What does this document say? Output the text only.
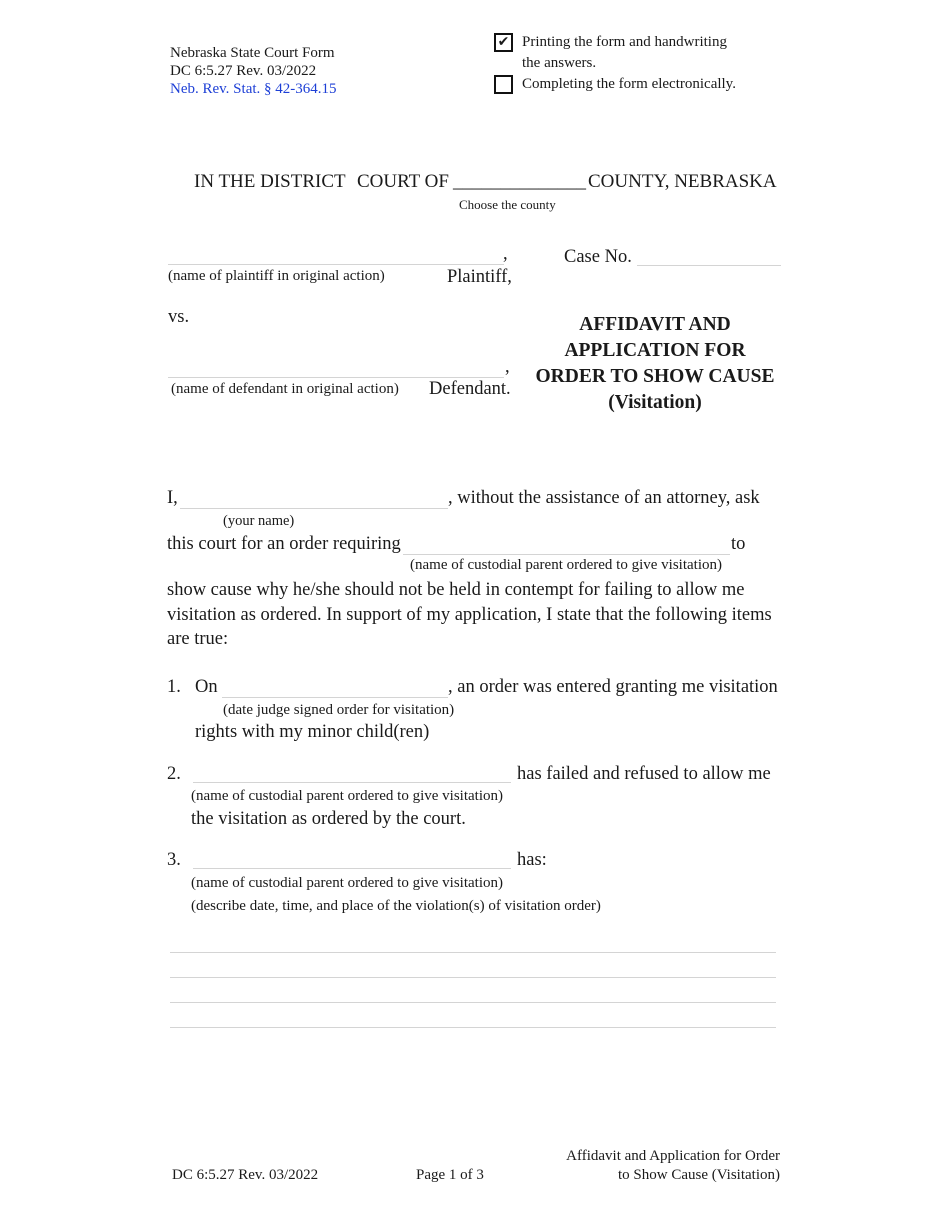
Nebraska State Court Form
DC 6:5.27 Rev. 03/2022
Neb. Rev. Stat. § 42-364.15
✔ Printing the form and handwriting
the answers.
Completing the form electronically.
IN THE DISTRICT COURT OF ______________ COUNTY, NEBRASKA
Choose the county
,
(name of plaintiff in original action)	Plaintiff,
Case No.
vs.
,
(name of defendant in original action) Defendant.
AFFIDAVIT AND
APPLICATION FOR
ORDER TO SHOW CAUSE
(Visitation)
I,	, without the assistance of an attorney, ask
(your name)
this court for an order requiring	to
(name of custodial parent ordered to give visitation)
show cause why he/she should not be held in contempt for failing to allow me visitation as ordered. In support of my application, I state that the following items are true:
1. On	, an order was entered granting me visitation
(date judge signed order for visitation)
rights with my minor child(ren)
2.	has failed and refused to allow me
(name of custodial parent ordered to give visitation)
the visitation as ordered by the court.
3.	has:
(name of custodial parent ordered to give visitation)
(describe date, time, and place of the violation(s) of visitation order)
DC 6:5.27 Rev. 03/2022	Page 1 of 3
Affidavit and Application for Order
to Show Cause (Visitation)
